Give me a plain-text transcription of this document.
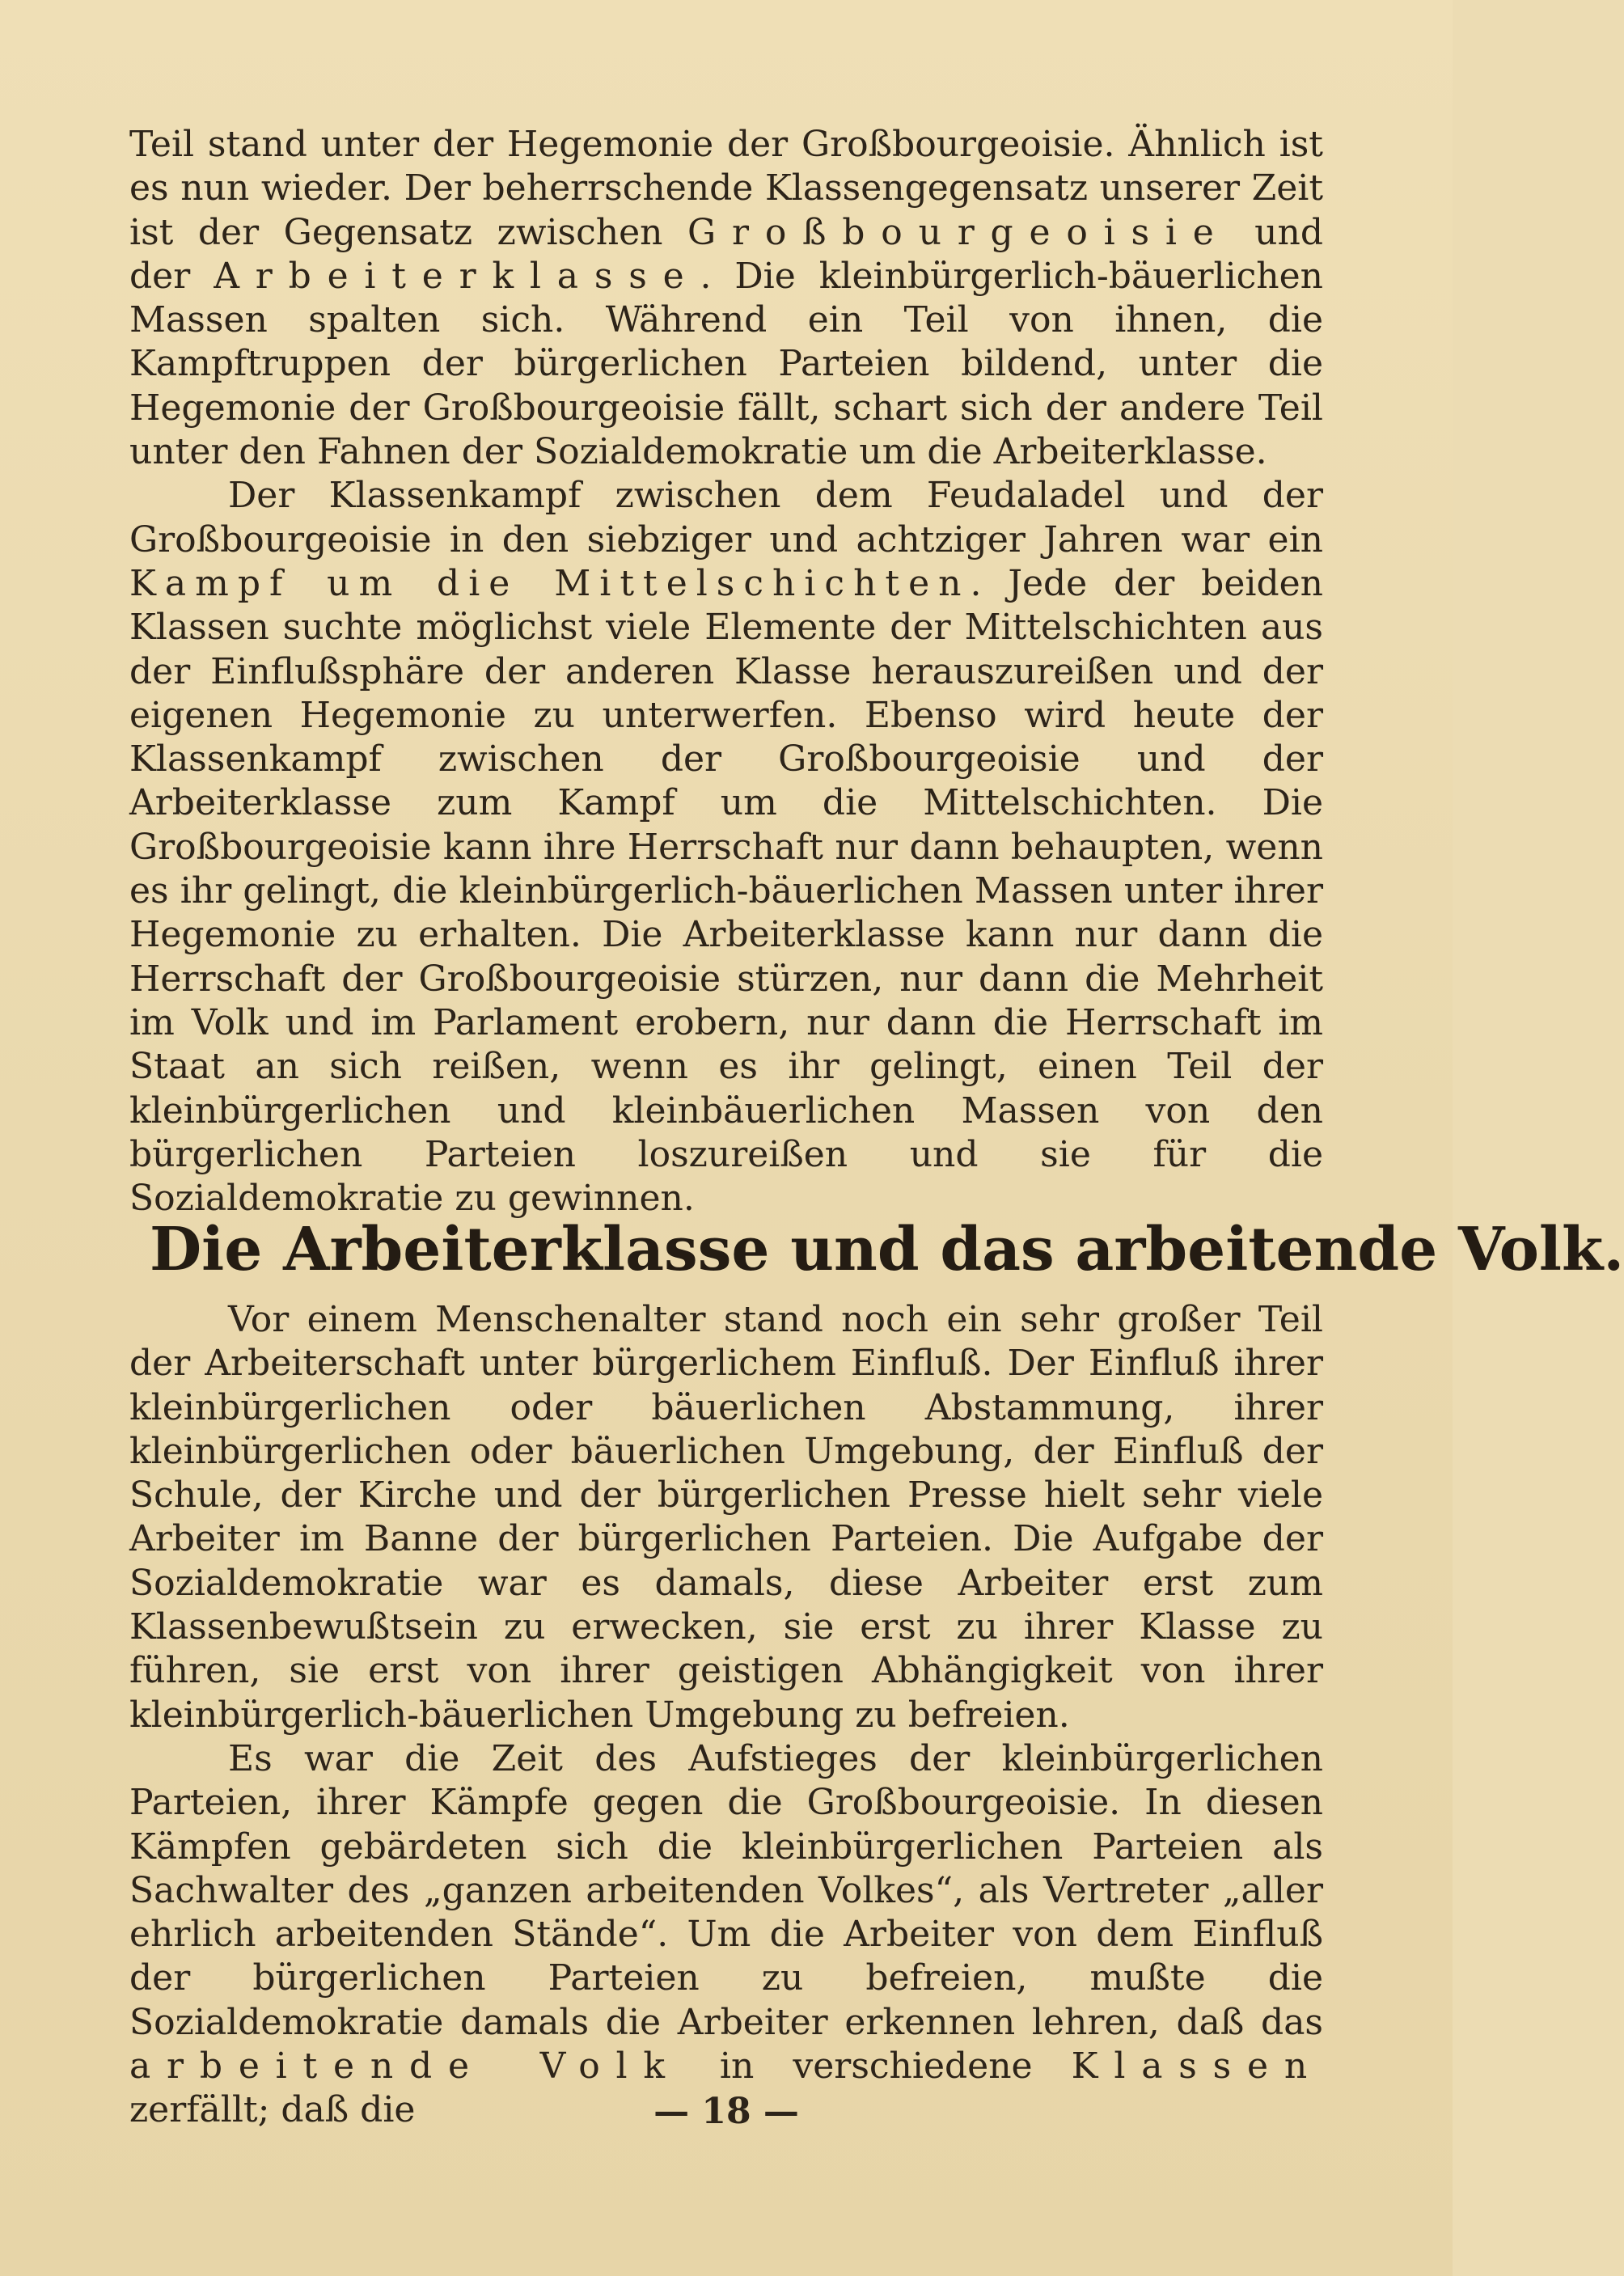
Teil stand unter der Hegemonie der Großbourgeoisie. Ähnlich ist es nun wieder. Der beherrschende Klassengegensatz unserer Zeit ist der Gegensatz zwischen Großbourgeoisie und der Arbeiterklasse. Die kleinbürgerlich-bäuerlichen Massen spalten sich. Während ein Teil von ihnen, die Kampftruppen der bürgerlichen Parteien bildend, unter die Hegemonie der Großbourgeoisie fällt, schart sich der andere Teil unter den Fahnen der Sozialdemokratie um die Arbeiterklasse.

Der Klassenkampf zwischen dem Feudaladel und der Großbourgeoisie in den siebziger und achtziger Jahren war ein Kampf um die Mittelschichten. Jede der beiden Klassen suchte möglichst viele Elemente der Mittelschichten aus der Einflußsphäre der anderen Klasse herauszureißen und der eigenen Hegemonie zu unterwerfen. Ebenso wird heute der Klassenkampf zwischen der Großbourgeoisie und der Arbeiterklasse zum Kampf um die Mittelschichten. Die Großbourgeoisie kann ihre Herrschaft nur dann behaupten, wenn es ihr gelingt, die kleinbürgerlich-bäuerlichen Massen unter ihrer Hegemonie zu erhalten. Die Arbeiterklasse kann nur dann die Herrschaft der Großbourgeoisie stürzen, nur dann die Mehrheit im Volk und im Parlament erobern, nur dann die Herrschaft im Staat an sich reißen, wenn es ihr gelingt, einen Teil der kleinbürgerlichen und kleinbäuerlichen Massen von den bürgerlichen Parteien loszureißen und sie für die Sozialdemokratie zu gewinnen.

Die Arbeiterklasse und das arbeitende Volk.

Vor einem Menschenalter stand noch ein sehr großer Teil der Arbeiterschaft unter bürgerlichem Einfluß. Der Einfluß ihrer kleinbürgerlichen oder bäuerlichen Abstammung, ihrer kleinbürgerlichen oder bäuerlichen Umgebung, der Einfluß der Schule, der Kirche und der bürgerlichen Presse hielt sehr viele Arbeiter im Banne der bürgerlichen Parteien. Die Aufgabe der Sozialdemokratie war es damals, diese Arbeiter erst zum Klassenbewußtsein zu erwecken, sie erst zu ihrer Klasse zu führen, sie erst von ihrer geistigen Abhängigkeit von ihrer kleinbürgerlich-bäuerlichen Umgebung zu befreien.

Es war die Zeit des Aufstieges der kleinbürgerlichen Parteien, ihrer Kämpfe gegen die Großbourgeoisie. In diesen Kämpfen gebärdeten sich die kleinbürgerlichen Parteien als Sachwalter des „ganzen arbeitenden Volkes“, als Vertreter „aller ehrlich arbeitenden Stände“. Um die Arbeiter von dem Einfluß der bürgerlichen Parteien zu befreien, mußte die Sozialdemokratie damals die Arbeiter erkennen lehren, daß das arbeitende Volk in verschiedene Klassen zerfällt; daß die	— 18 —
